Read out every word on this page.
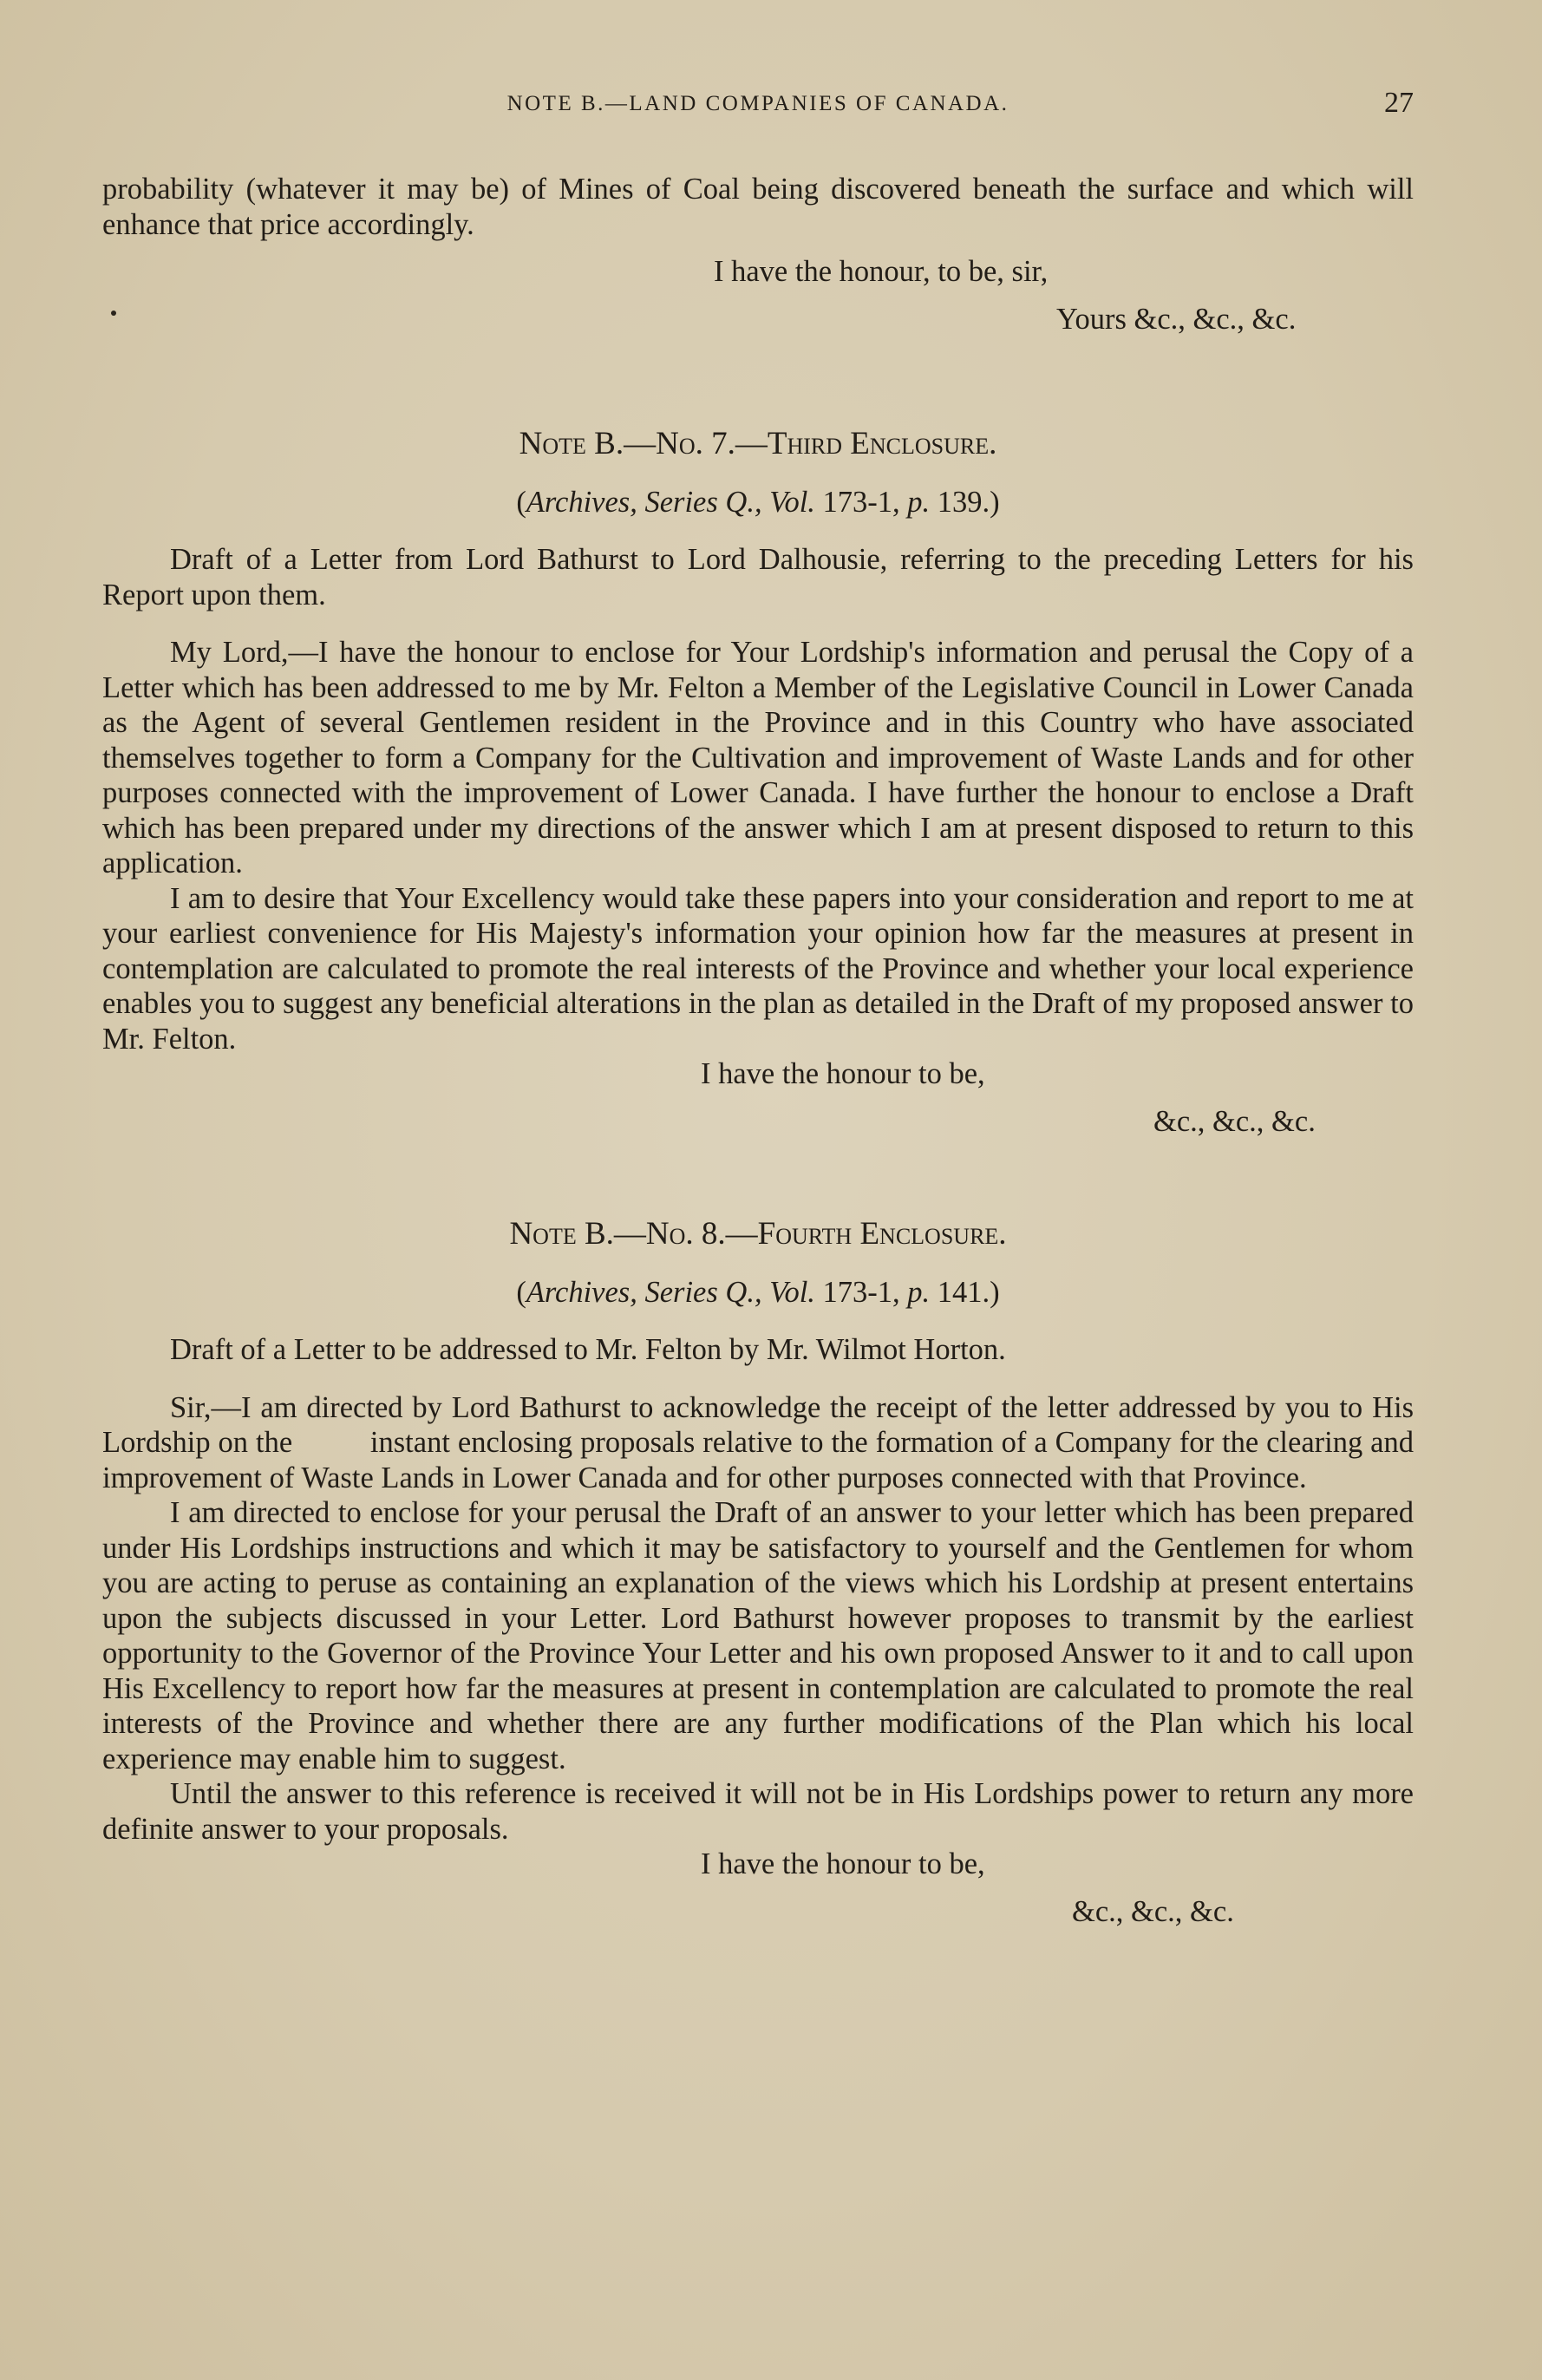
NOTE B.—LAND COMPANIES OF CANADA.	27

probability (whatever it may be) of Mines of Coal being discovered beneath the surface and which will enhance that price accordingly.

I have the honour, to be, sir,

Yours &c., &c., &c.

Note B.—No. 7.—Third Enclosure.

(Archives, Series Q., Vol. 173-1, p. 139.)

Draft of a Letter from Lord Bathurst to Lord Dalhousie, referring to the preceding Letters for his Report upon them.

My Lord,—I have the honour to enclose for Your Lordship's information and perusal the Copy of a Letter which has been addressed to me by Mr. Felton a Member of the Legislative Council in Lower Canada as the Agent of several Gentlemen resident in the Province and in this Country who have associated themselves together to form a Company for the Cultivation and improvement of Waste Lands and for other purposes connected with the improvement of Lower Canada. I have further the honour to enclose a Draft which has been prepared under my directions of the answer which I am at present disposed to return to this application.

I am to desire that Your Excellency would take these papers into your consideration and report to me at your earliest convenience for His Majesty's information your opinion how far the measures at present in contemplation are calculated to promote the real interests of the Province and whether your local experience enables you to suggest any beneficial alterations in the plan as detailed in the Draft of my proposed answer to Mr. Felton.

I have the honour to be,

&c., &c., &c.

Note B.—No. 8.—Fourth Enclosure.

(Archives, Series Q., Vol. 173-1, p. 141.)

Draft of a Letter to be addressed to Mr. Felton by Mr. Wilmot Horton.

Sir,—I am directed by Lord Bathurst to acknowledge the receipt of the letter addressed by you to His Lordship on the          instant enclosing proposals relative to the formation of a Company for the clearing and improvement of Waste Lands in Lower Canada and for other purposes connected with that Province.

I am directed to enclose for your perusal the Draft of an answer to your letter which has been prepared under His Lordships instructions and which it may be satisfactory to yourself and the Gentlemen for whom you are acting to peruse as containing an explanation of the views which his Lordship at present entertains upon the subjects discussed in your Letter. Lord Bathurst however proposes to transmit by the earliest opportunity to the Governor of the Province Your Letter and his own proposed Answer to it and to call upon His Excellency to report how far the measures at present in contemplation are calculated to promote the real interests of the Province and whether there are any further modifications of the Plan which his local experience may enable him to suggest.

Until the answer to this reference is received it will not be in His Lordships power to return any more definite answer to your proposals.

I have the honour to be,

&c., &c., &c.
